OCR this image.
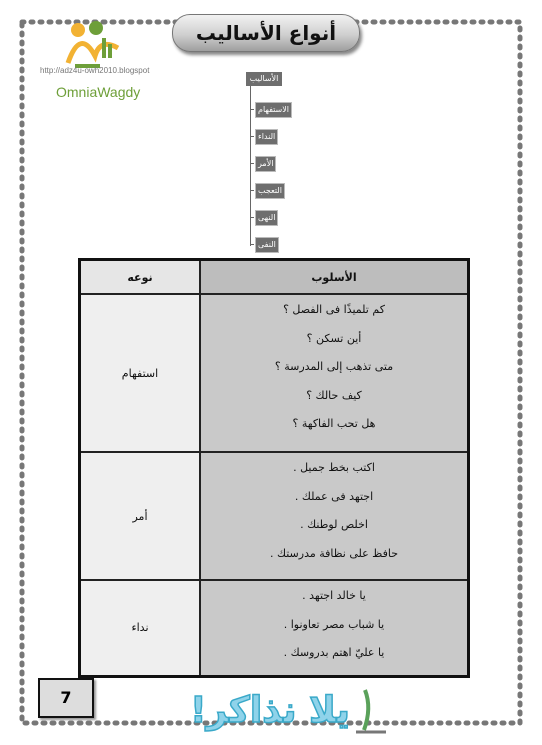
http://adz4u-owh2010.blogspot
OmniaWagdy
أنواع الأساليب
الأساليب
الاستفهام
النداء
الأمر
التعجب
النهى
النفى
الأسلوب	نوعه

كم تلميذًا فى الفصل ؟
أين تسكن ؟
متى تذهب إلى المدرسة ؟
كيف حالك ؟
هل تحب الفاكهة ؟	استفهام

اكتب بخط جميل .
اجتهد فى عملك .
اخلص لوطنك .
حافظ على نظافة مدرستك .	أمر

يا خالد اجتهد .
يا شباب مصر تعاونوا .
يا عليّ اهتم بدروسك .	نداء
7	يلا نذاكر!
